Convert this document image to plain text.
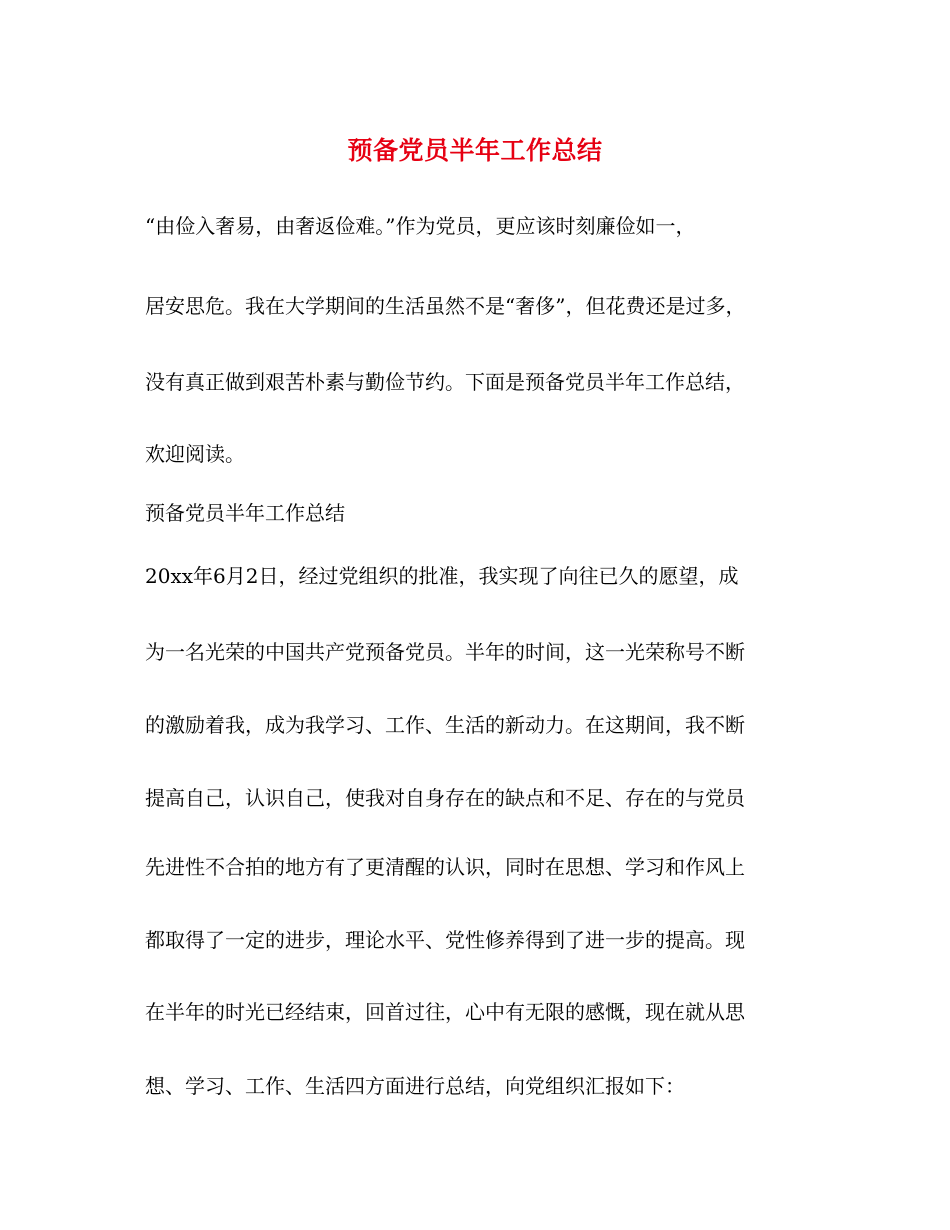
预备党员半年工作总结
“由俭入奢易，由奢返俭难。”作为党员，更应该时刻廉俭如一，
居安思危。我在大学期间的生活虽然不是“奢侈”，但花费还是过多，
没有真正做到艰苦朴素与勤俭节约。下面是预备党员半年工作总结，
欢迎阅读。
预备党员半年工作总结
20xx年6月2日，经过党组织的批准，我实现了向往已久的愿望，成
为一名光荣的中国共产党预备党员。半年的时间，这一光荣称号不断
的激励着我，成为我学习、工作、生活的新动力。在这期间，我不断
提高自己，认识自己，使我对自身存在的缺点和不足、存在的与党员
先进性不合拍的地方有了更清醒的认识，同时在思想、学习和作风上
都取得了一定的进步，理论水平、党性修养得到了进一步的提高。现
在半年的时光已经结束，回首过往，心中有无限的感慨，现在就从思
想、学习、工作、生活四方面进行总结，向党组织汇报如下：
